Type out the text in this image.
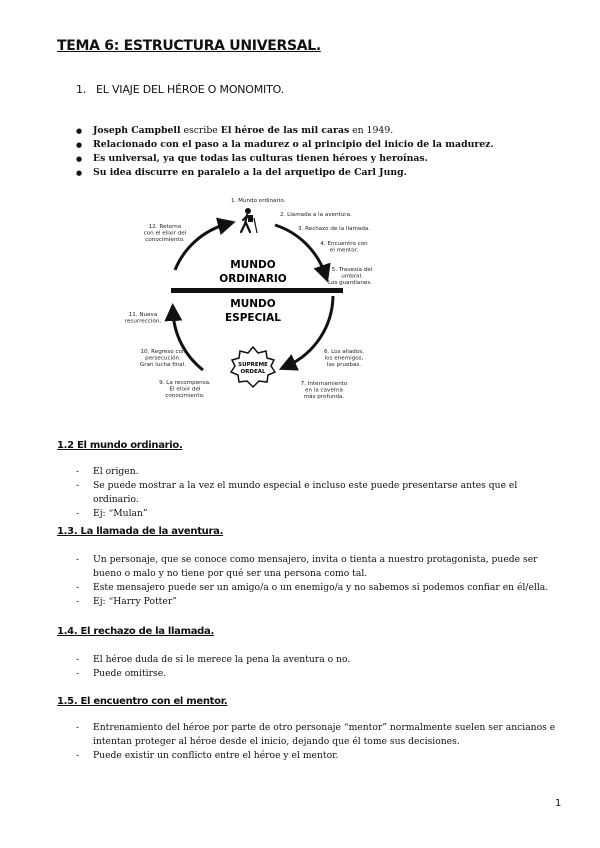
TEMA 6: ESTRUCTURA UNIVERSAL.
1. EL VIAJE DEL HÉROE O MONOMITO.
● Joseph Campbell escribe El héroe de las mil caras en 1949.
● Relacionado con el paso a la madurez o al principio del inicio de la madurez.
● Es universal, ya que todas las culturas tienen héroes y heroínas.
● Su idea discurre en paralelo a la del arquetipo de Carl Jung.
MUNDO
ORDINARIO
MUNDO
ESPECIAL
SUPREME
ORDEAL
1. Mundo ordinario.
2. Llamada a la aventura.
3. Rechazo de la llamada.
4. Encuentro con el mentor.
5. Travesía del umbral. Los guardianes.
6. Los aliados, los enemigos, las pruebas.
7. Internamiento en la caverna más profunda.
9. La recompensa. El elixir del conocimiento.
10. Regreso con persecución. Gran lucha final.
11. Nueva resurrección.
12. Retorno con el elixir del conocimiento.
1.2 El mundo ordinario.
- El origen.
- Se puede mostrar a la vez el mundo especial e incluso este puede presentarse antes que el ordinario.
- Ej: “Mulan”
1.3. La llamada de la aventura.
- Un personaje, que se conoce como mensajero, invita o tienta a nuestro protagonista, puede ser bueno o malo y no tiene por qué ser una persona como tal.
- Este mensajero puede ser un amigo/a o un enemigo/a y no sabemos si podemos confiar en él/ella.
- Ej: “Harry Potter”
1.4. El rechazo de la llamada.
- El héroe duda de si le merece la pena la aventura o no.
- Puede omitirse.
1.5. El encuentro con el mentor.
- Entrenamiento del héroe por parte de otro personaje “mentor” normalmente suelen ser ancianos e intentan proteger al héroe desde el inicio, dejando que él tome sus decisiones.
- Puede existir un conflicto entre el héroe y el mentor.
1
